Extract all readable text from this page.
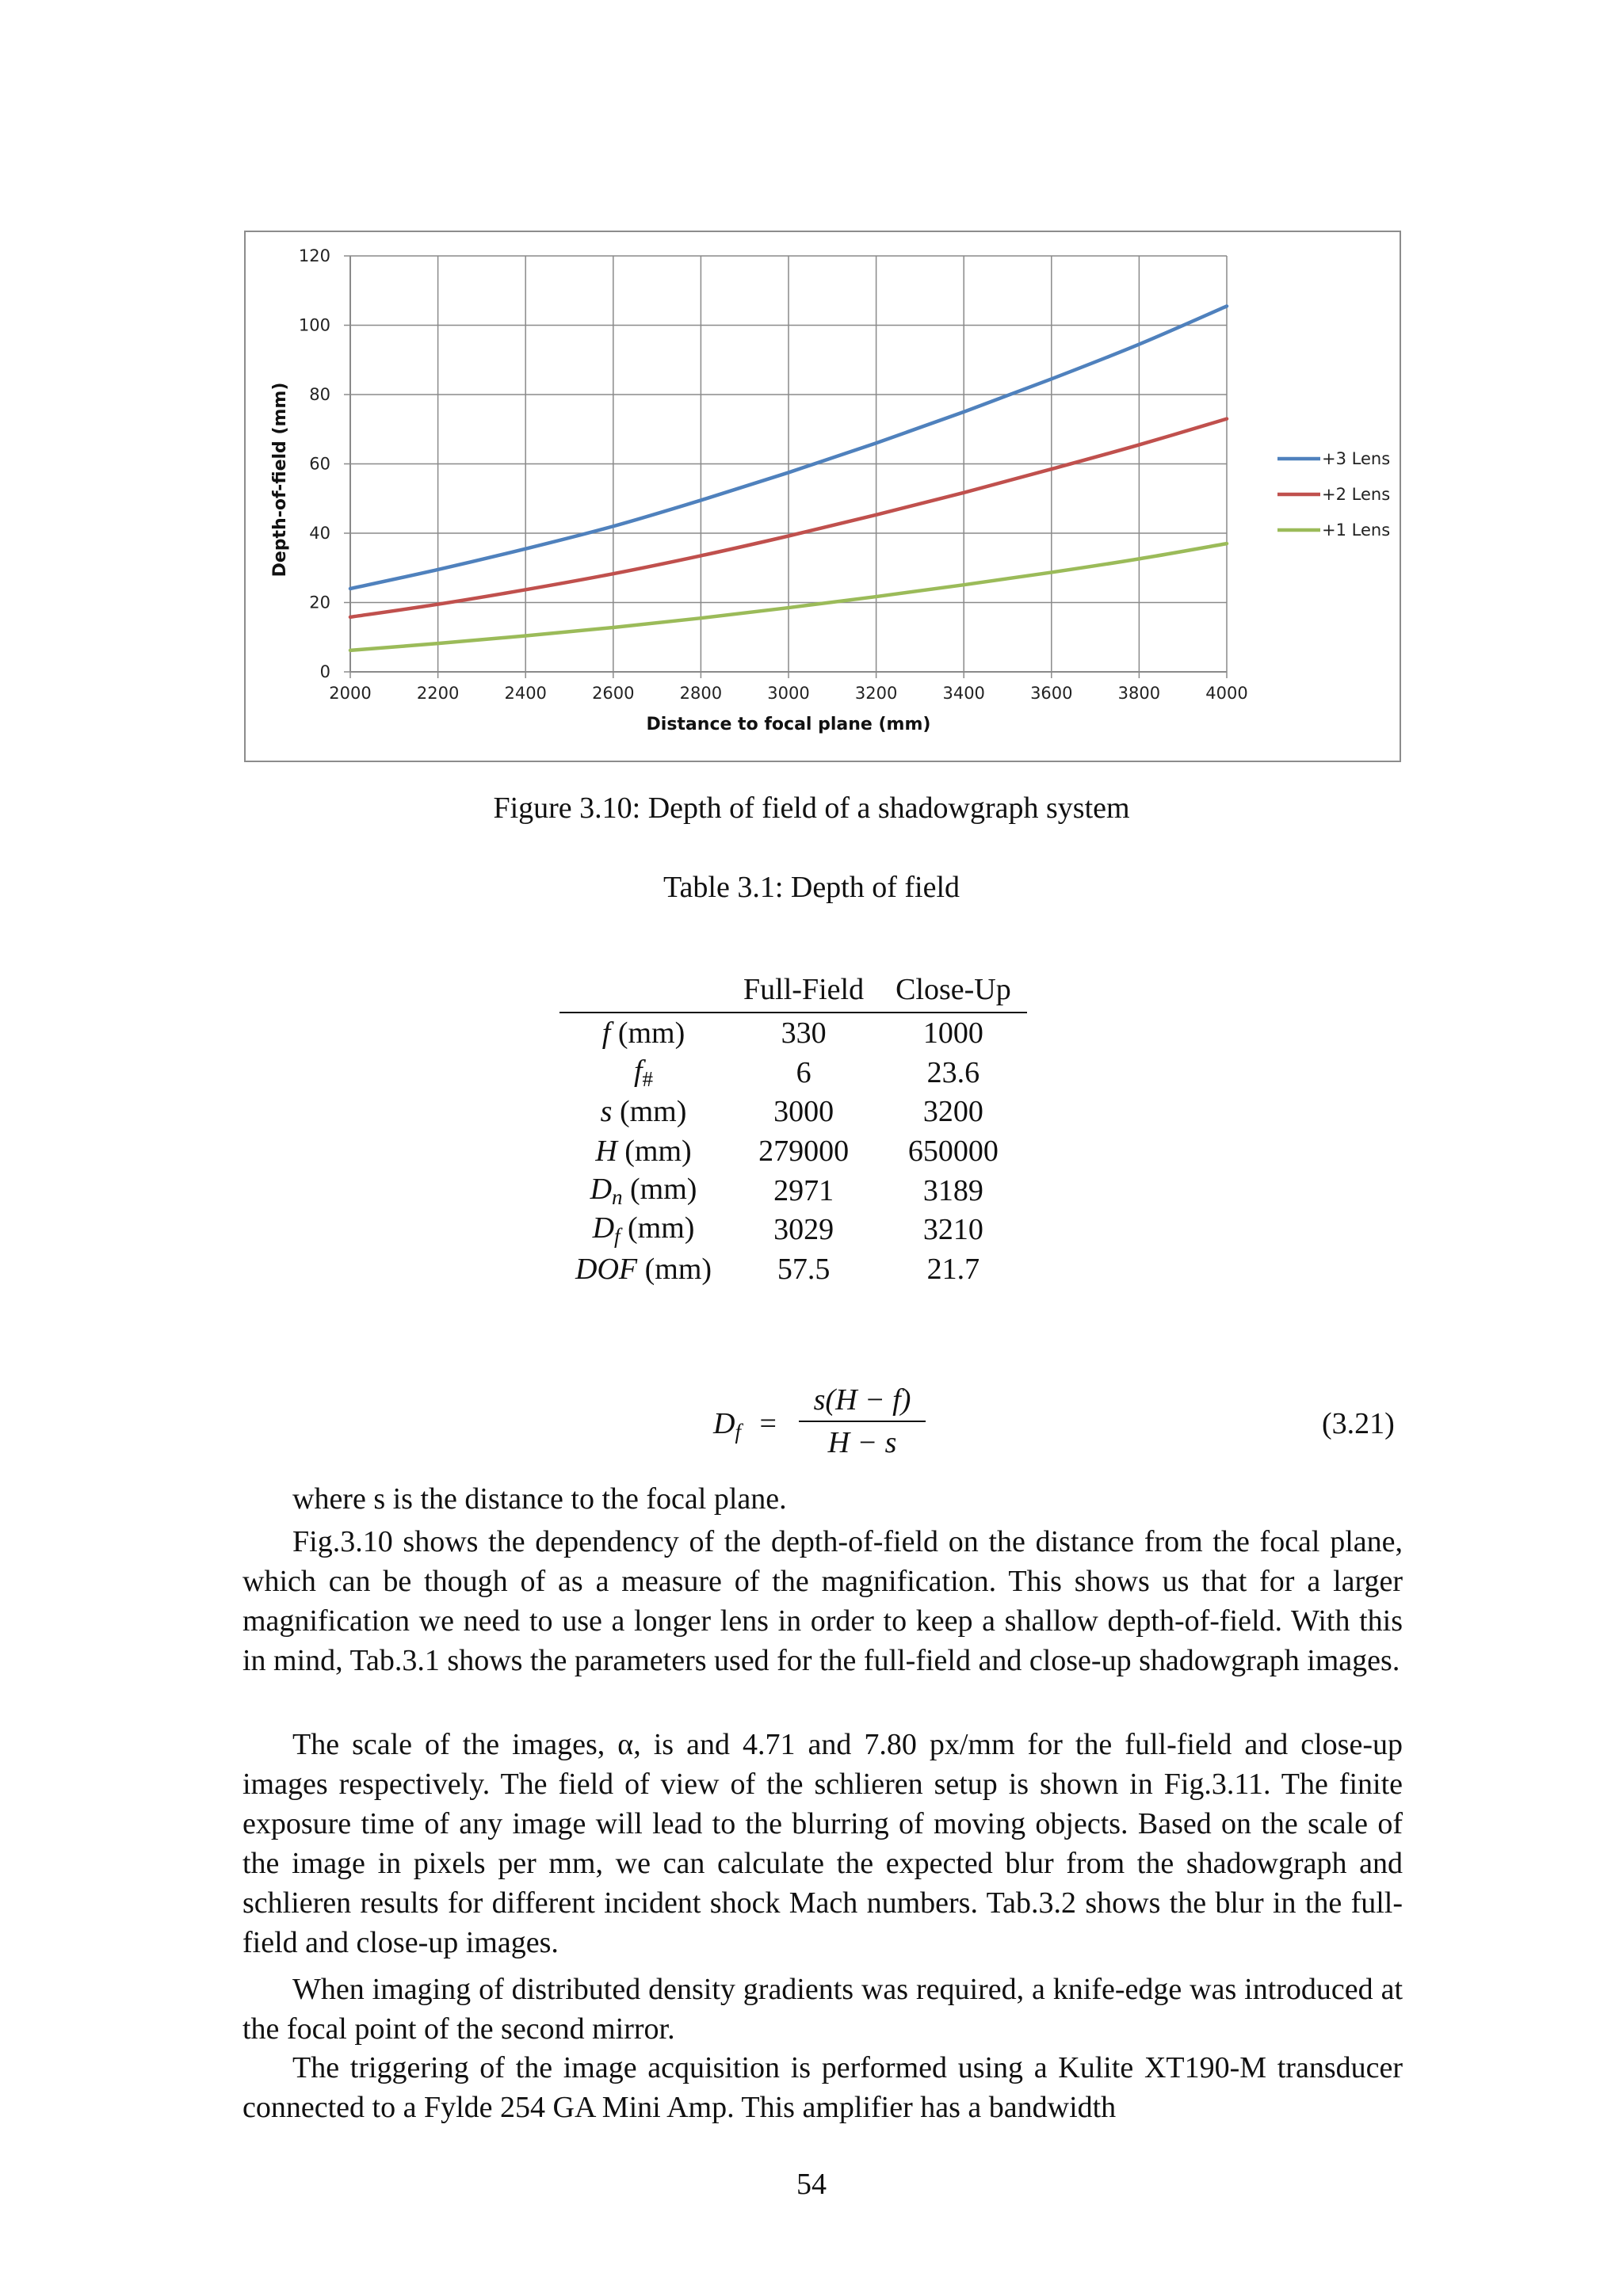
2000	2200	2400	2600	2800	3000	3200	3400	3600	3800	4000
0
20
40
60
80
100
120
Distance to focal plane (mm)
Depth-of-field (mm)	+3 Lens
+2 Lens
+1 Lens
Figure 3.10: Depth of field of a shadowgraph system
Table 3.1: Depth of field
	Full-Field	Close-Up
f (mm)	330	1000
$f_{\#}$	6	23.6
s (mm)	3000	3200
H (mm)	279000	650000
$D_n$ (mm)	2971	3189
$D_f$ (mm)	3029	3210
DOF (mm)	57.5	21.7
$D_f = \frac{s(H - f)}{H - s}$	(3.21)

where s is the distance to the focal plane.

Fig.3.10 shows the dependency of the depth-of-field on the distance from the focal plane, which can be though of as a measure of the magnification. This shows us that for a larger magnification we need to use a longer lens in order to keep a shallow depth-of-field. With this in mind, Tab.3.1 shows the parameters used for the full-field and close-up shadowgraph images.

The scale of the images, α, is and 4.71 and 7.80 px/mm for the full-field and close-up images respectively. The field of view of the schlieren setup is shown in Fig.3.11. The finite exposure time of any image will lead to the blurring of moving objects. Based on the scale of the image in pixels per mm, we can calculate the expected blur from the shadowgraph and schlieren results for different incident shock Mach numbers. Tab.3.2 shows the blur in the full-field and close-up images.

When imaging of distributed density gradients was required, a knife-edge was introduced at the focal point of the second mirror.

The triggering of the image acquisition is performed using a Kulite XT190-M transducer connected to a Fylde 254 GA Mini Amp. This amplifier has a bandwidth

54
